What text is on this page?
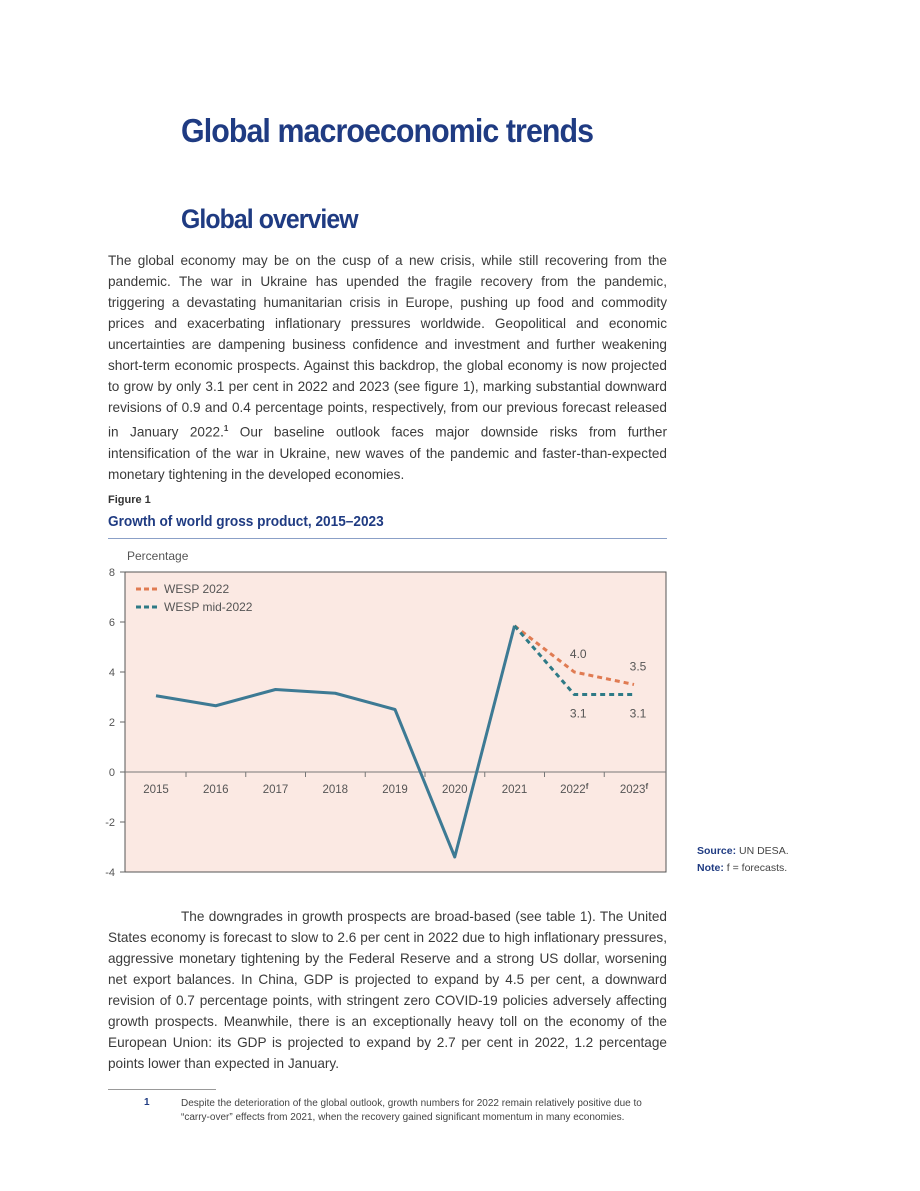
Global macroeconomic trends
Global overview

The global economy may be on the cusp of a new crisis, while still recovering from the pandemic. The war in Ukraine has upended the fragile recovery from the pandemic, triggering a devastating humanitarian crisis in Europe, pushing up food and commodity prices and exacerbating inflationary pressures worldwide. Geopolitical and economic uncertainties are dampening business confidence and investment and further weakening short-term economic prospects. Against this backdrop, the global economy is now projected to grow by only 3.1 per cent in 2022 and 2023 (see figure 1), marking substantial downward revisions of 0.9 and 0.4 percentage points, respectively, from our previous forecast released in January 2022.$^1$ Our baseline outlook faces major downside risks from further intensification of the war in Ukraine, new waves of the pandemic and faster-than-expected monetary tightening in the developed economies.

Figure 1
Growth of world gross product, 2015–2023
Percentage
8
6
4
2
0
-2
-4
2015	2016	2017	2018	2019	2020	2021	2022$^f$	2023$^f$
4.0
3.5
3.1	3.1
WESP 2022
WESP mid-2022
Source: UN DESA.
Note: f = forecasts.

The downgrades in growth prospects are broad-based (see table 1). The United States economy is forecast to slow to 2.6 per cent in 2022 due to high inflationary pressures, aggressive monetary tightening by the Federal Reserve and a strong US dollar, worsening net export balances. In China, GDP is projected to expand by 4.5 per cent, a downward revision of 0.7 percentage points, with stringent zero COVID-19 policies adversely affecting growth prospects. Meanwhile, there is an exceptionally heavy toll on the economy of the European Union: its GDP is projected to expand by 2.7 per cent in 2022, 1.2 percentage points lower than expected in January.

1	Despite the deterioration of the global outlook, growth numbers for 2022 remain relatively positive due to “carry-over” effects from 2021, when the recovery gained significant momentum in many economies.
